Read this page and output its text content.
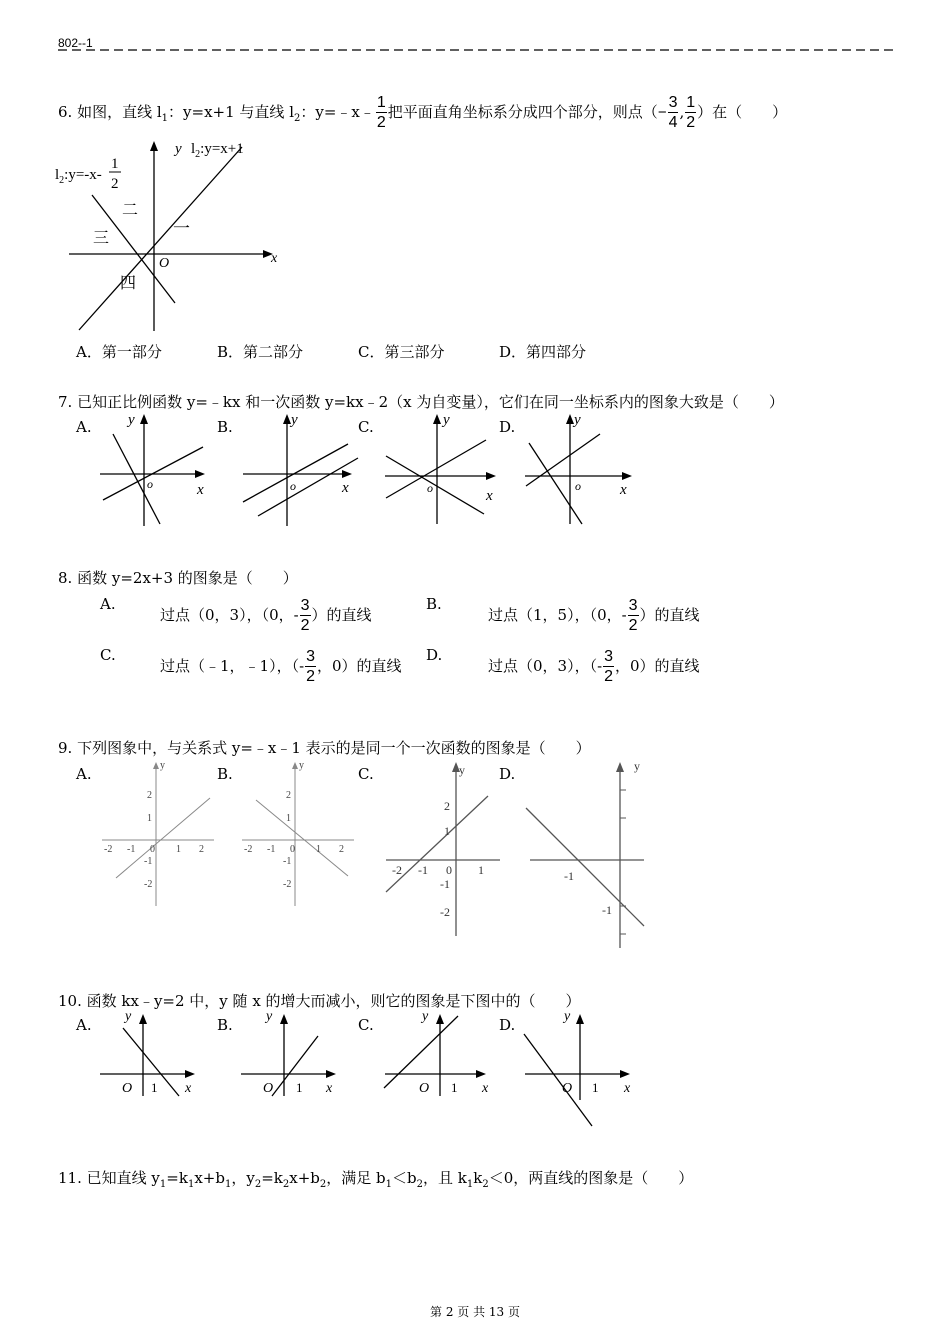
802--1
6. 如图，直线 $l_1$：y=x+1 与直线 $l_2$：y=﹣x﹣ $\frac{1}{2}$ 把平面直角坐标系分成四个部分，则点（− $\frac{3}{4}$ , $\frac{1}{2}$ ）在（　　）
$l_2:y=-x-$
1
2
y $l_2:y=x+1$
一
二
三
四
O	x
A．第一部分	B．第二部分	C．第三部分	D．第四部分
7. 已知正比例函数 y=﹣kx 和一次函数 y=kx﹣2（x 为自变量），它们在同一坐标系内的图象大致是（　　）
A.	B.	C.	D.
y
o	x
y
o	x
y
o	x
y
o	x
8. 函数 y=2x+3 的图象是（　　）
A.
过点（0，3），（0，- $\frac{3}{2}$ ）的直线
B.
过点（1，5），（0，- $\frac{3}{2}$ ）的直线
C.
过点（﹣1，﹣1），（- $\frac{3}{2}$ ，0）的直线
D.
过点（0，3），（- $\frac{3}{2}$ ，0）的直线
9. 下列图象中，与关系式 y=﹣x﹣1 表示的是同一个一次函数的图象是（　　）
A.	B.	C.	D.
y
-2 -1 0 1 2
2
1
-1
-2
y
-2 -1 0 1 2
2
1
-1
-2
y
-2 -1 0 1
2
1
-1
-2
y
-1
-1
10. 函数 kx﹣y=2 中，y 随 x 的增大而减小，则它的图象是下图中的（　　）
A.	B.	C.	D.
y
O 1 x
y
O 1 x
y
O 1 x
y
O 1 x
11. 已知直线 $y_1=k_1x+b_1$，$y_2=k_2x+b_2$，满足 $b_1<b_2$，且 $k_1k_2<0$，两直线的图象是（　　）
第 2 页 共 13 页
